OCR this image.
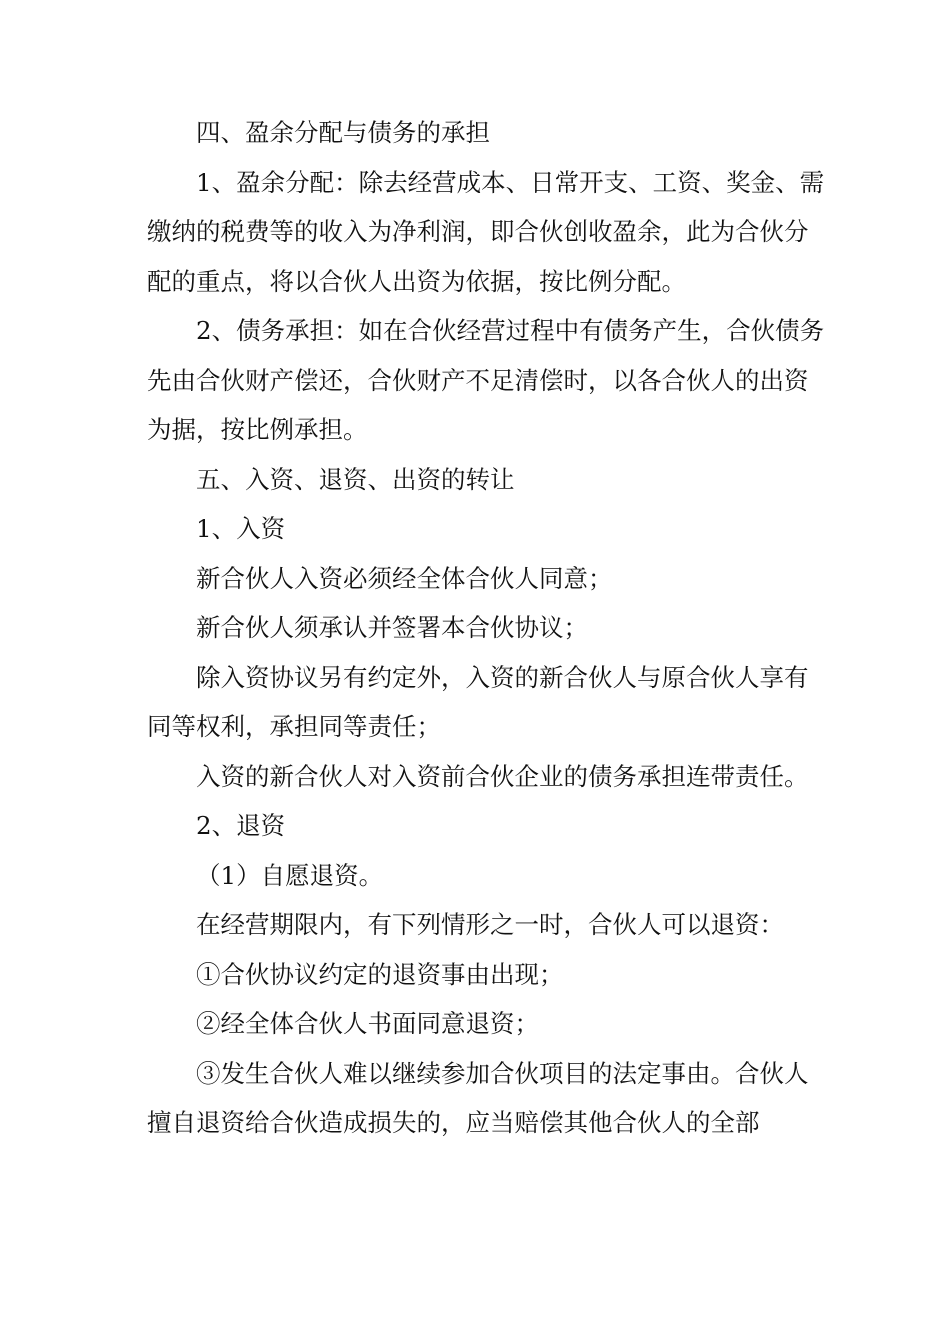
四、盈余分配与债务的承担

1、盈余分配：除去经营成本、日常开支、工资、奖金、需缴纳的税费等的收入为净利润，即合伙创收盈余，此为合伙分配的重点，将以合伙人出资为依据，按比例分配。

2、债务承担：如在合伙经营过程中有债务产生，合伙债务先由合伙财产偿还，合伙财产不足清偿时，以各合伙人的出资为据，按比例承担。

五、入资、退资、出资的转让

1、入资

新合伙人入资必须经全体合伙人同意；

新合伙人须承认并签署本合伙协议；

除入资协议另有约定外，入资的新合伙人与原合伙人享有同等权利，承担同等责任；

入资的新合伙人对入资前合伙企业的债务承担连带责任。

2、退资

（1）自愿退资。

在经营期限内，有下列情形之一时，合伙人可以退资：

①合伙协议约定的退资事由出现；

②经全体合伙人书面同意退资；

③发生合伙人难以继续参加合伙项目的法定事由。合伙人擅自退资给合伙造成损失的，应当赔偿其他合伙人的全部
